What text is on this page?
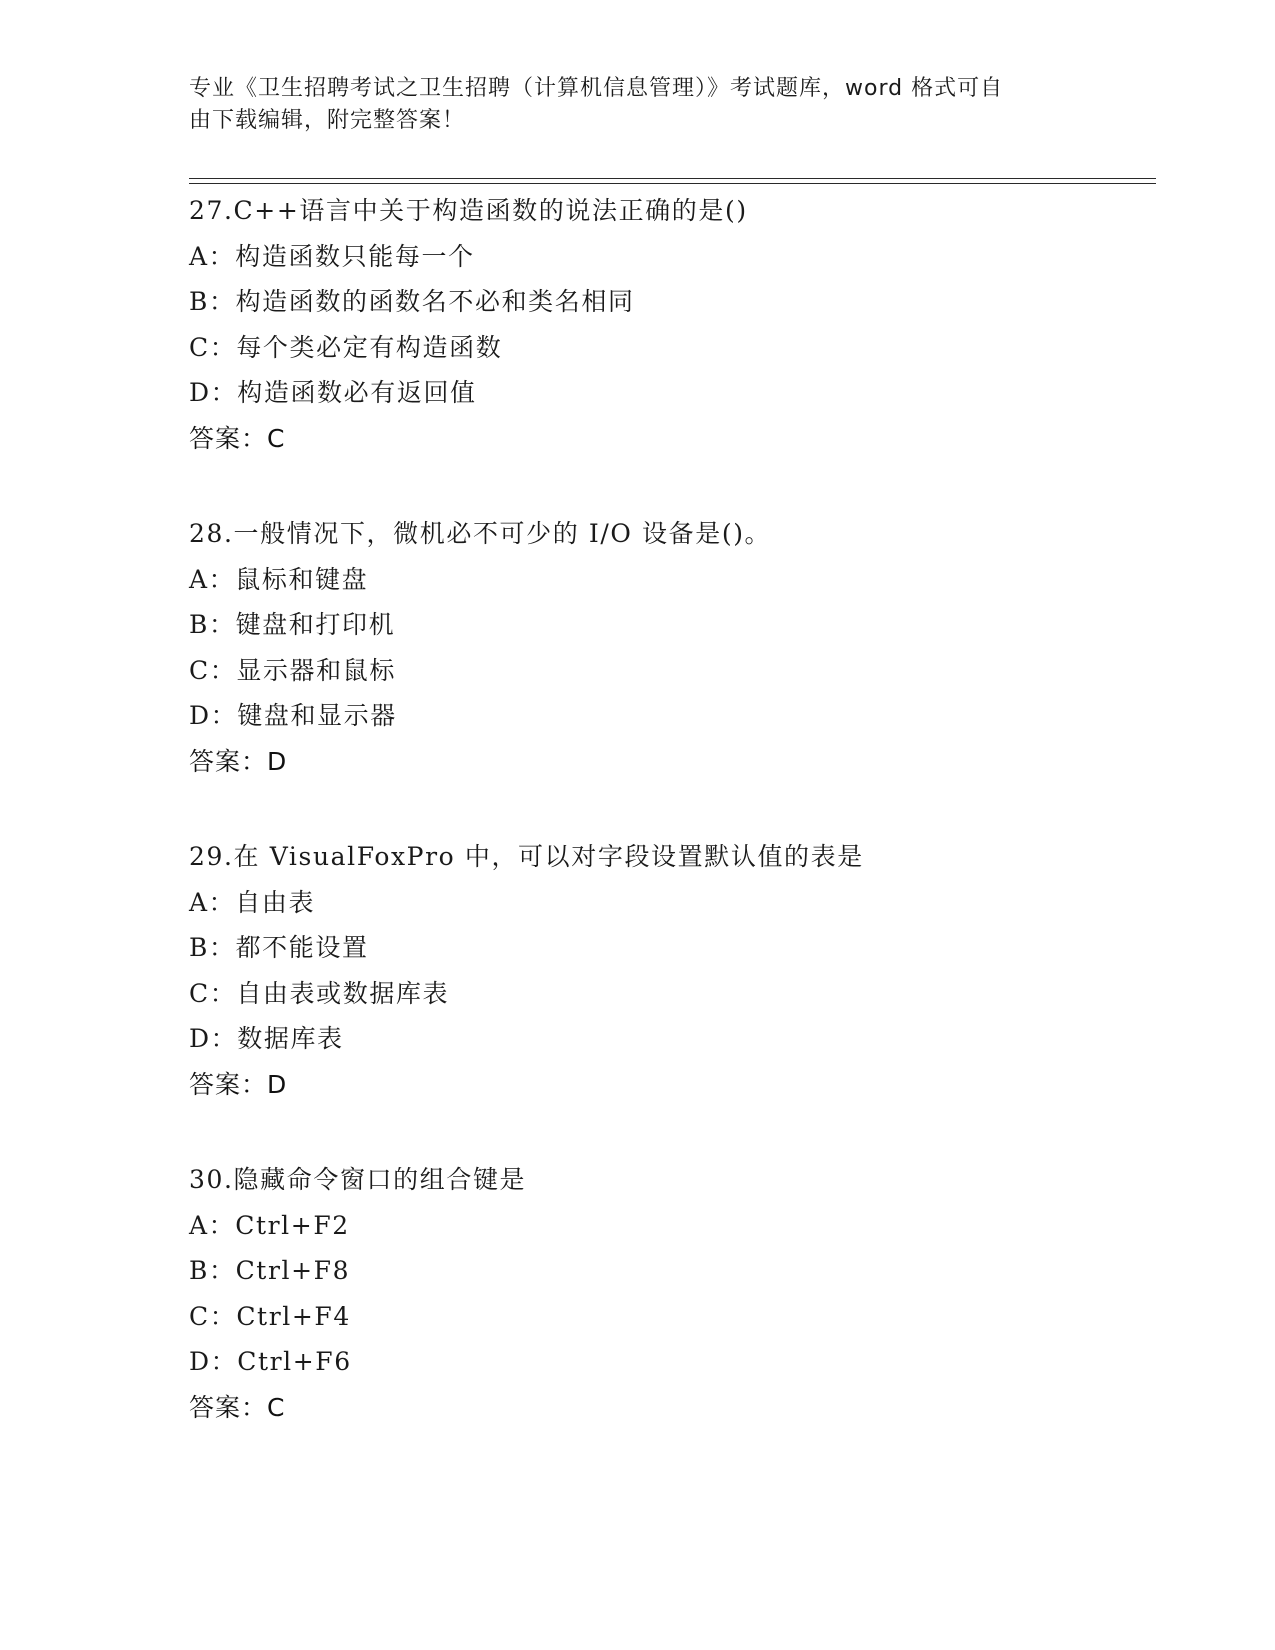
专业《卫生招聘考试之卫生招聘（计算机信息管理）》考试题库，word 格式可自
由下载编辑，附完整答案！
27.C++语言中关于构造函数的说法正确的是()
A：构造函数只能每一个
B：构造函数的函数名不必和类名相同
C：每个类必定有构造函数
D：构造函数必有返回值
答案：C
28.一般情况下，微机必不可少的 I/O 设备是()。
A：鼠标和键盘
B：键盘和打印机
C：显示器和鼠标
D：键盘和显示器
答案：D
29.在 VisualFoxPro 中，可以对字段设置默认值的表是
A：自由表
B：都不能设置
C：自由表或数据库表
D：数据库表
答案：D
30.隐藏命令窗口的组合键是
A：Ctrl+F2
B：Ctrl+F8
C：Ctrl+F4
D：Ctrl+F6
答案：C
